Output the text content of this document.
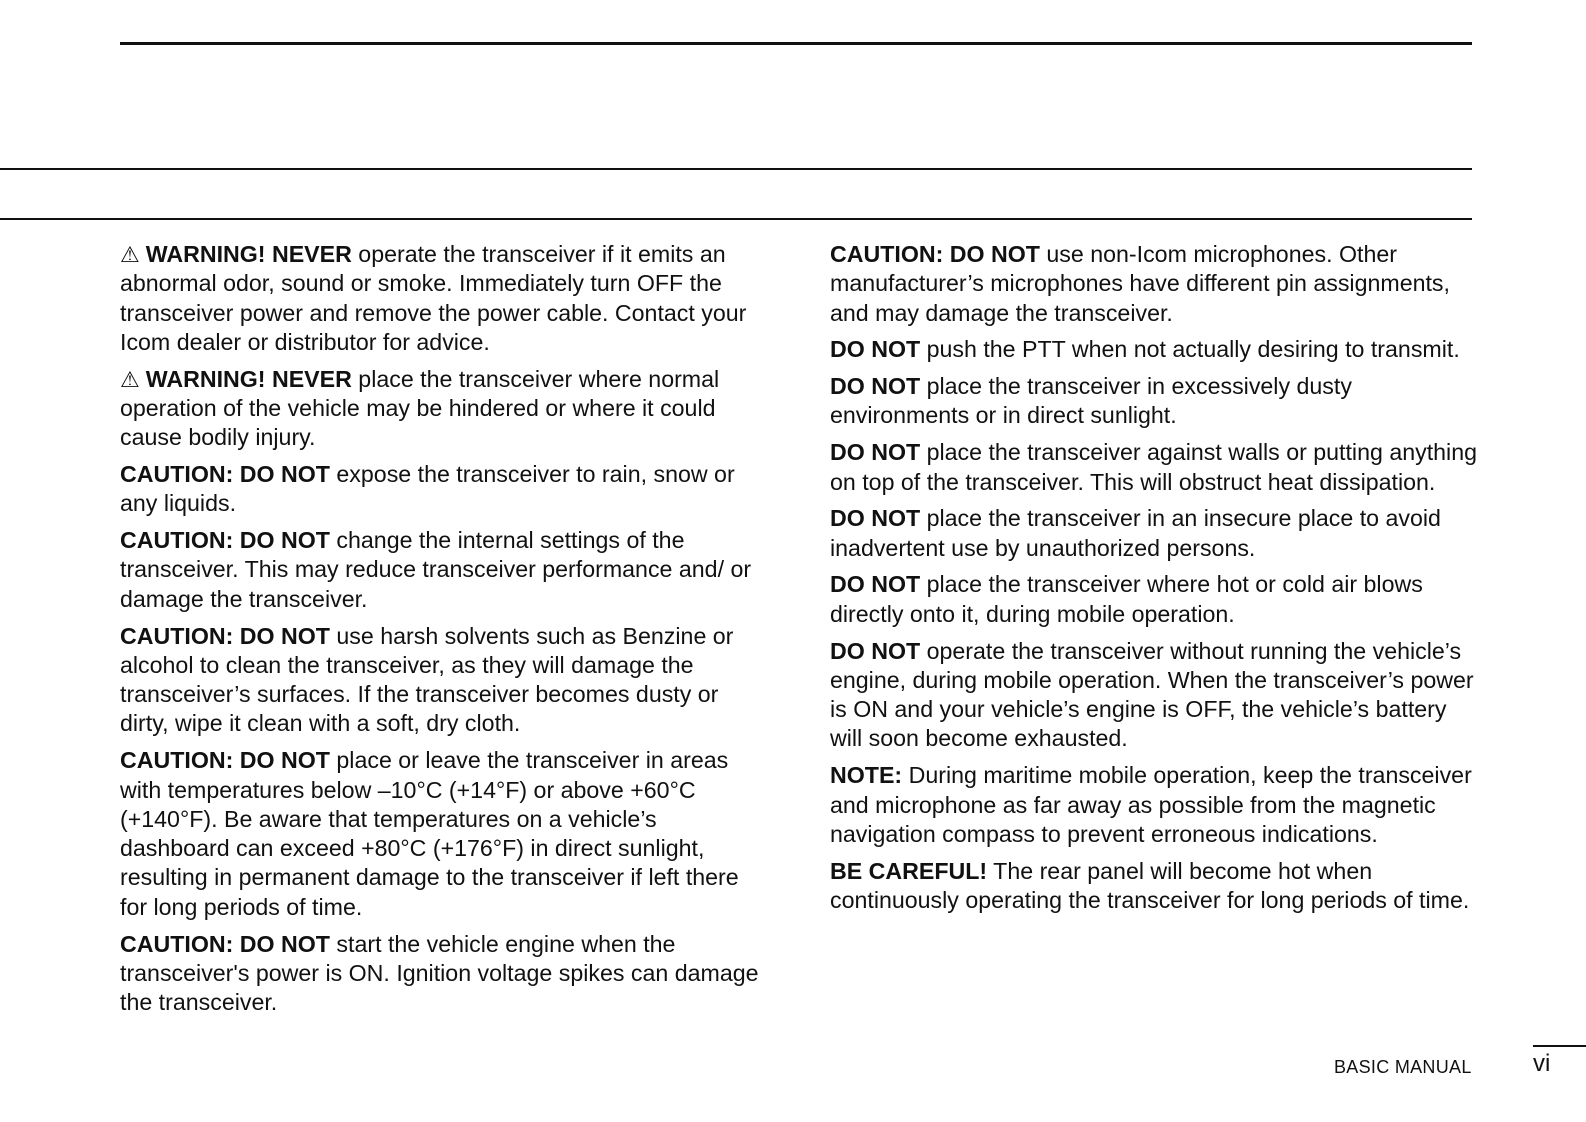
⚠ WARNING! NEVER operate the transceiver if it emits an abnormal odor, sound or smoke. Immediately turn OFF the transceiver power and remove the power cable. Contact your Icom dealer or distributor for advice.

⚠ WARNING! NEVER place the transceiver where normal operation of the vehicle may be hindered or where it could cause bodily injury.

CAUTION: DO NOT expose the transceiver to rain, snow or any liquids.

CAUTION: DO NOT change the internal settings of the transceiver. This may reduce transceiver performance and/ or damage the transceiver.

CAUTION: DO NOT use harsh solvents such as Benzine or alcohol to clean the transceiver, as they will damage the transceiver’s surfaces. If the transceiver becomes dusty or dirty, wipe it clean with a soft, dry cloth.

CAUTION: DO NOT place or leave the transceiver in areas with temperatures below –10°C (+14°F) or above +60°C (+140°F). Be aware that temperatures on a vehicle’s dashboard can exceed +80°C (+176°F) in direct sunlight, resulting in permanent damage to the transceiver if left there for long periods of time.

CAUTION: DO NOT start the vehicle engine when the transceiver's power is ON. Ignition voltage spikes can damage the transceiver.

CAUTION: DO NOT use non-Icom microphones. Other manufacturer’s microphones have different pin assignments, and may damage the transceiver.

DO NOT push the PTT when not actually desiring to transmit.

DO NOT place the transceiver in excessively dusty environments or in direct sunlight.

DO NOT place the transceiver against walls or putting anything on top of the transceiver. This will obstruct heat dissipation.

DO NOT place the transceiver in an insecure place to avoid inadvertent use by unauthorized persons.

DO NOT place the transceiver where hot or cold air blows directly onto it, during mobile operation.

DO NOT operate the transceiver without running the vehicle’s engine, during mobile operation. When the transceiver’s power is ON and your vehicle’s engine is OFF, the vehicle’s battery will soon become exhausted.

NOTE: During maritime mobile operation, keep the transceiver and microphone as far away as possible from the magnetic navigation compass to prevent erroneous indications.

BE CAREFUL! The rear panel will become hot when continuously operating the transceiver for long periods of time.

BASIC MANUAL	vi
